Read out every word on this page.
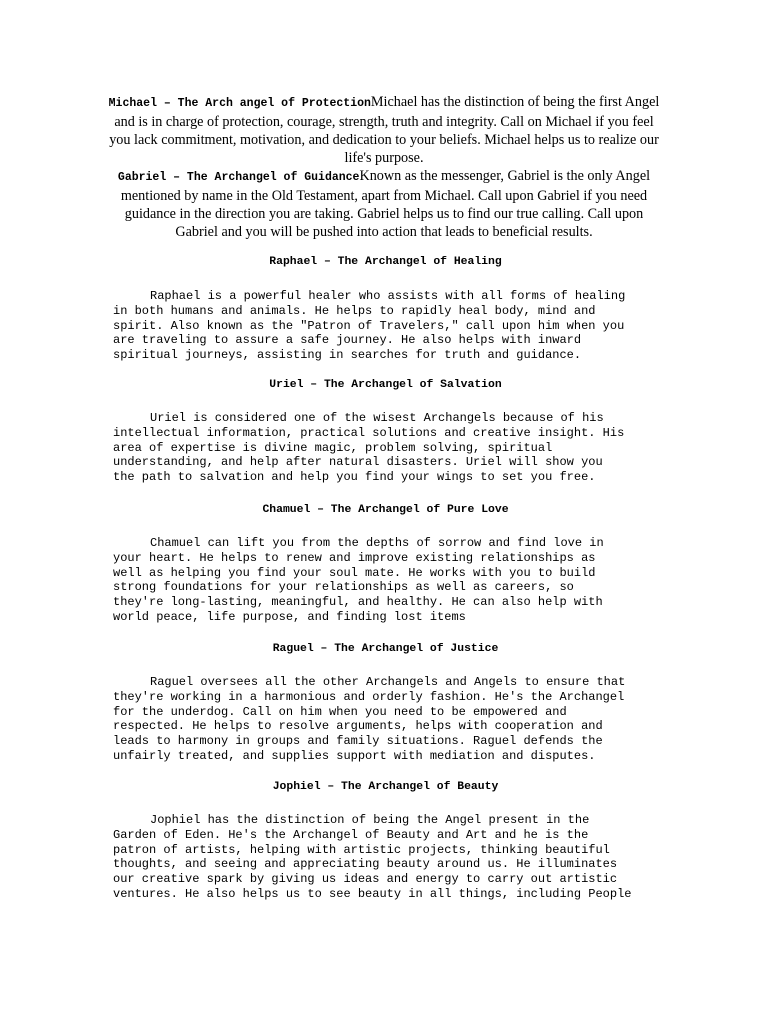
Michael – The Arch angel of ProtectionMichael has the distinction of being the first Angel and is in charge of protection, courage, strength, truth and integrity. Call on Michael if you feel you lack commitment, motivation, and dedication to your beliefs. Michael helps us to realize our life's purpose.

Gabriel – The Archangel of GuidanceKnown as the messenger, Gabriel is the only Angel mentioned by name in the Old Testament, apart from Michael. Call upon Gabriel if you need guidance in the direction you are taking. Gabriel helps us to find our true calling. Call upon Gabriel and you will be pushed into action that leads to beneficial results.

Raphael – The Archangel of Healing
Raphael is a powerful healer who assists with all forms of healing
in both humans and animals. He helps to rapidly heal body, mind and
spirit. Also known as the "Patron of Travelers," call upon him when you
are traveling to assure a safe journey. He also helps with inward
spiritual journeys, assisting in searches for truth and guidance.
Uriel – The Archangel of Salvation
Uriel is considered one of the wisest Archangels because of his
intellectual information, practical solutions and creative insight. His
area of expertise is divine magic, problem solving, spiritual
understanding, and help after natural disasters. Uriel will show you
the path to salvation and help you find your wings to set you free.
Chamuel – The Archangel of Pure Love
Chamuel can lift you from the depths of sorrow and find love in
your heart. He helps to renew and improve existing relationships as
well as helping you find your soul mate. He works with you to build
strong foundations for your relationships as well as careers, so
they're long-lasting, meaningful, and healthy. He can also help with
world peace, life purpose, and finding lost items
Raguel – The Archangel of Justice
Raguel oversees all the other Archangels and Angels to ensure that
they're working in a harmonious and orderly fashion. He's the Archangel
for the underdog. Call on him when you need to be empowered and
respected. He helps to resolve arguments, helps with cooperation and
leads to harmony in groups and family situations. Raguel defends the
unfairly treated, and supplies support with mediation and disputes.
Jophiel – The Archangel of Beauty
Jophiel has the distinction of being the Angel present in the
Garden of Eden. He's the Archangel of Beauty and Art and he is the
patron of artists, helping with artistic projects, thinking beautiful
thoughts, and seeing and appreciating beauty around us. He illuminates
our creative spark by giving us ideas and energy to carry out artistic
ventures. He also helps us to see beauty in all things, including People
